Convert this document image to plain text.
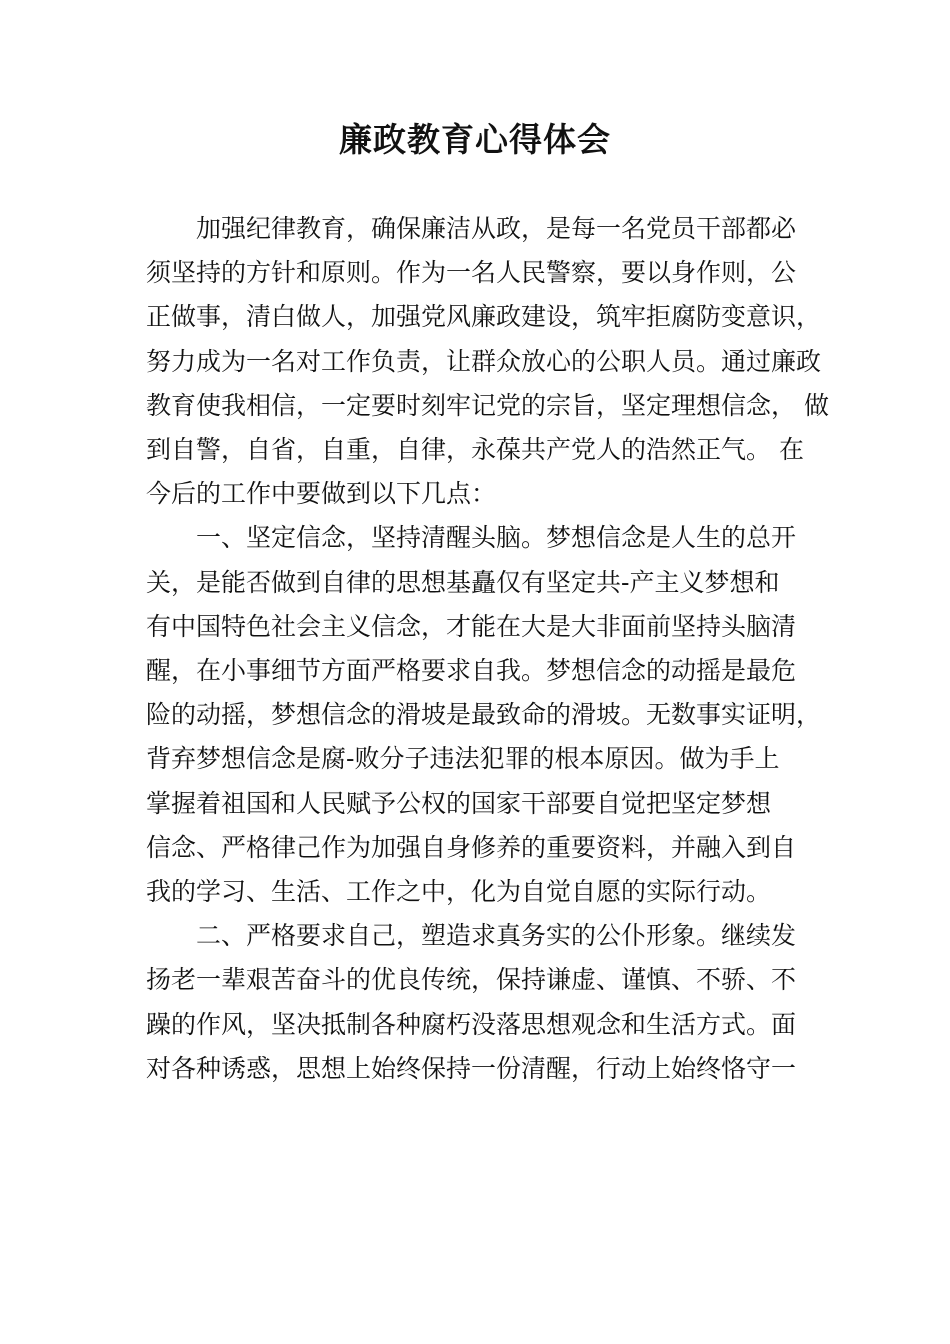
廉政教育心得体会

加强纪律教育，确保廉洁从政，是每一名党员干部都必
须坚持的方针和原则。作为一名人民警察，要以身作则，公
正做事，清白做人，加强党风廉政建设，筑牢拒腐防变意识，
努力成为一名对工作负责，让群众放心的公职人员。通过廉政
教育使我相信，一定要时刻牢记党的宗旨，坚定理想信念， 做
到自警，自省，自重，自律，永葆共产党人的浩然正气。 在
今后的工作中要做到以下几点：

一、坚定信念，坚持清醒头脑。梦想信念是人生的总开
关，是能否做到自律的思想基矗仅有坚定共-产主义梦想和
有中国特色社会主义信念，才能在大是大非面前坚持头脑清
醒，在小事细节方面严格要求自我。梦想信念的动摇是最危
险的动摇，梦想信念的滑坡是最致命的滑坡。无数事实证明，
背弃梦想信念是腐-败分子违法犯罪的根本原因。做为手上
掌握着祖国和人民赋予公权的国家干部要自觉把坚定梦想
信念、严格律己作为加强自身修养的重要资料，并融入到自
我的学习、生活、工作之中，化为自觉自愿的实际行动。

二、严格要求自己，塑造求真务实的公仆形象。继续发
扬老一辈艰苦奋斗的优良传统，保持谦虚、谨慎、不骄、不
躁的作风，坚决抵制各种腐朽没落思想观念和生活方式。面
对各种诱惑，思想上始终保持一份清醒，行动上始终恪守一
